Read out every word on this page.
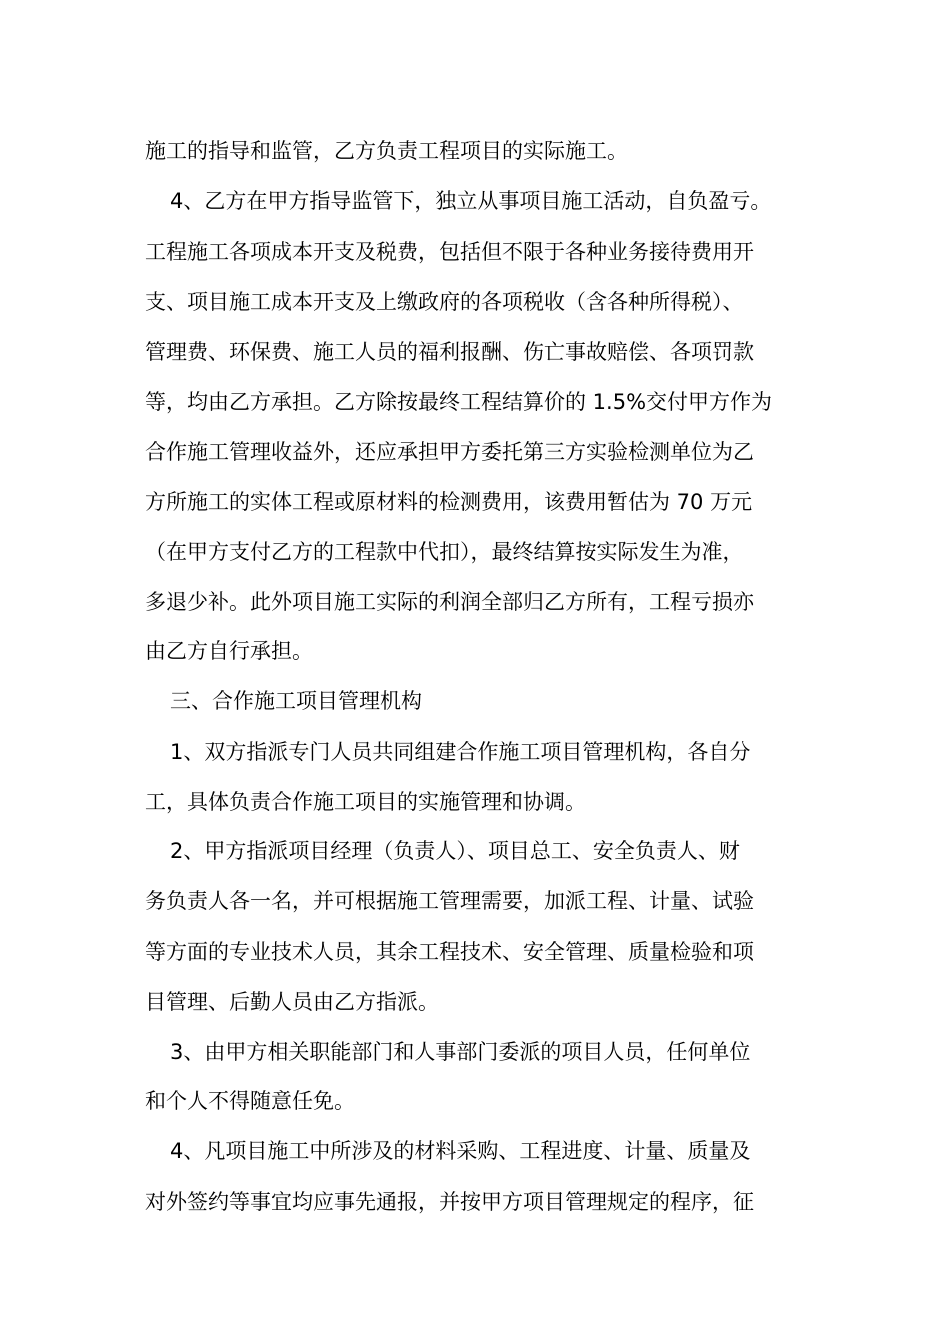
施工的指导和监管，乙方负责工程项目的实际施工。
4、乙方在甲方指导监管下，独立从事项目施工活动，自负盈亏。
工程施工各项成本开支及税费，包括但不限于各种业务接待费用开
支、项目施工成本开支及上缴政府的各项税收（含各种所得税）、
管理费、环保费、施工人员的福利报酬、伤亡事故赔偿、各项罚款
等，均由乙方承担。乙方除按最终工程结算价的 1.5%交付甲方作为
合作施工管理收益外，还应承担甲方委托第三方实验检测单位为乙
方所施工的实体工程或原材料的检测费用，该费用暂估为 70 万元
（在甲方支付乙方的工程款中代扣），最终结算按实际发生为准，
多退少补。此外项目施工实际的利润全部归乙方所有，工程亏损亦
由乙方自行承担。
三、合作施工项目管理机构
1、双方指派专门人员共同组建合作施工项目管理机构，各自分
工，具体负责合作施工项目的实施管理和协调。
2、甲方指派项目经理（负责人）、项目总工、安全负责人、财
务负责人各一名，并可根据施工管理需要，加派工程、计量、试验
等方面的专业技术人员，其余工程技术、安全管理、质量检验和项
目管理、后勤人员由乙方指派。
3、由甲方相关职能部门和人事部门委派的项目人员，任何单位
和个人不得随意任免。
4、凡项目施工中所涉及的材料采购、工程进度、计量、质量及
对外签约等事宜均应事先通报，并按甲方项目管理规定的程序，征
